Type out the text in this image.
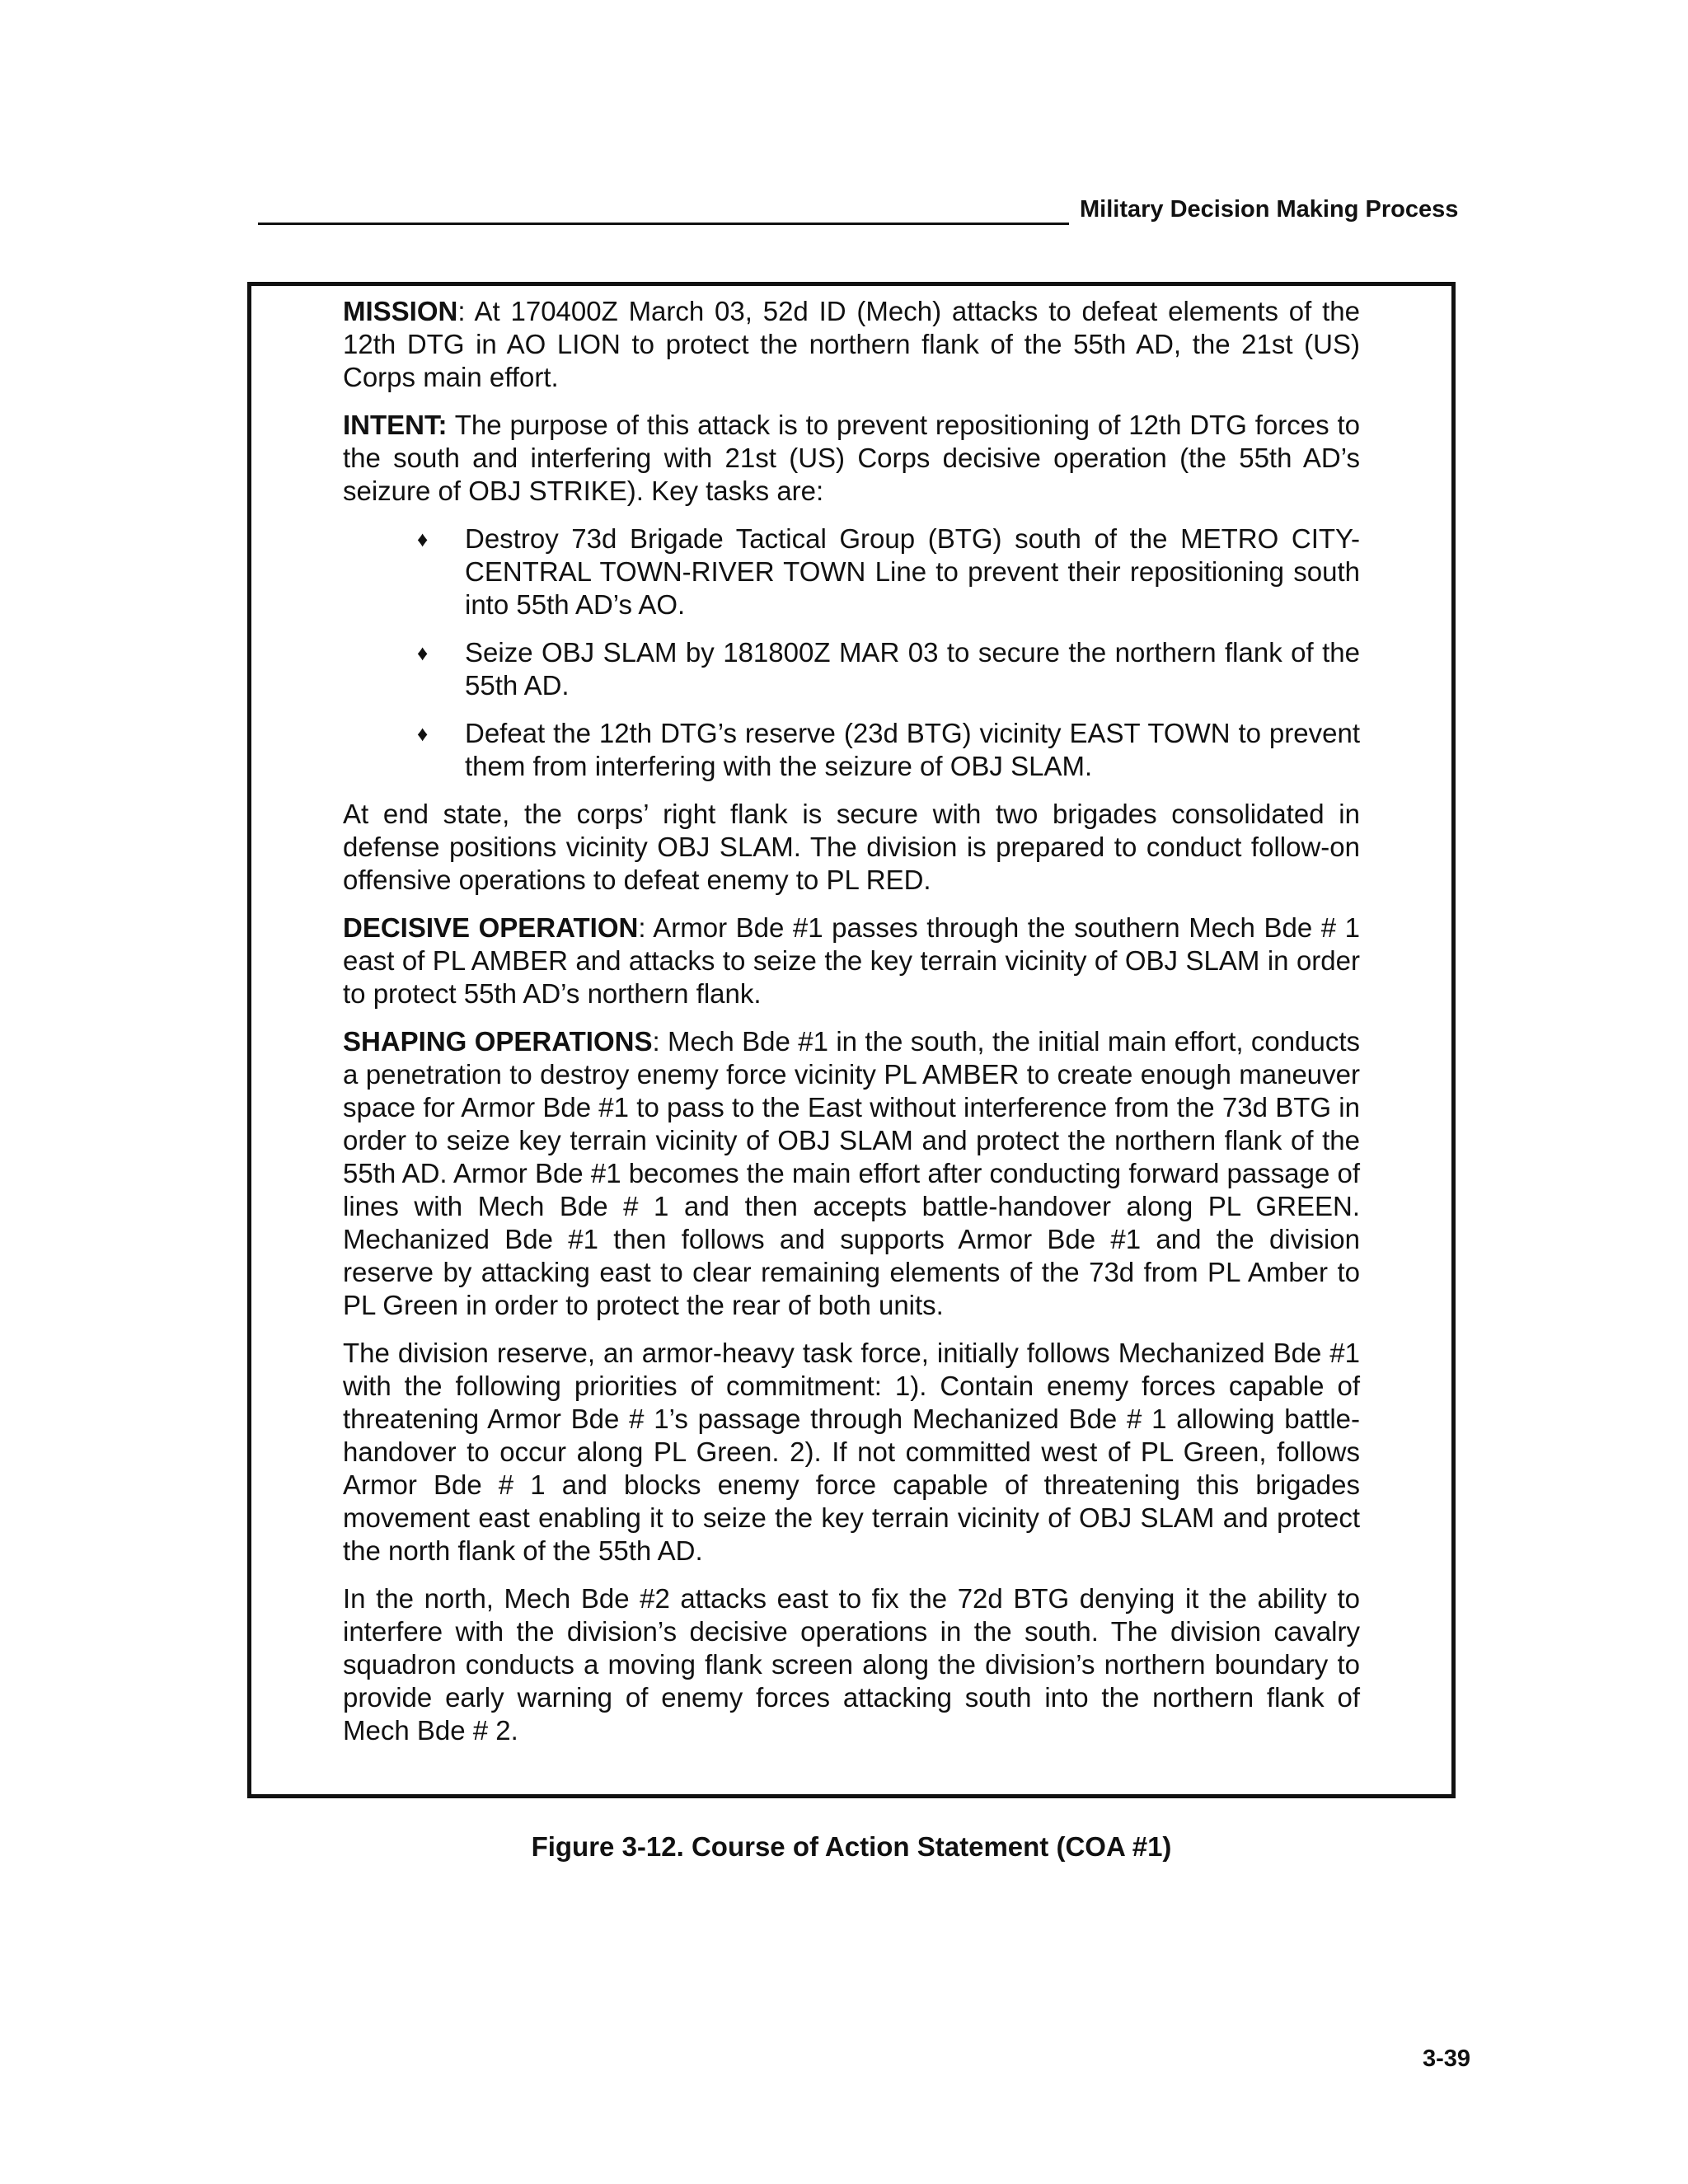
Military Decision Making Process

MISSION: At 170400Z March 03, 52d ID (Mech) attacks to defeat elements of the 12th DTG in AO LION to protect the northern flank of the 55th AD, the 21st (US) Corps main effort.

INTENT: The purpose of this attack is to prevent repositioning of 12th DTG forces to the south and interfering with 21st (US) Corps decisive operation (the 55th AD’s seizure of OBJ STRIKE). Key tasks are:

♦ Destroy 73d Brigade Tactical Group (BTG) south of the METRO CITY-CENTRAL TOWN-RIVER TOWN Line to prevent their repositioning south into 55th AD’s AO.
♦ Seize OBJ SLAM by 181800Z MAR 03 to secure the northern flank of the 55th AD.
♦ Defeat the 12th DTG’s reserve (23d BTG) vicinity EAST TOWN to prevent them from interfering with the seizure of OBJ SLAM.

At end state, the corps’ right flank is secure with two brigades consolidated in defense positions vicinity OBJ SLAM. The division is prepared to conduct follow-on offensive operations to defeat enemy to PL RED.

DECISIVE OPERATION: Armor Bde #1 passes through the southern Mech Bde # 1 east of PL AMBER and attacks to seize the key terrain vicinity of OBJ SLAM in order to protect 55th AD’s northern flank.

SHAPING OPERATIONS: Mech Bde #1 in the south, the initial main effort, conducts a penetration to destroy enemy force vicinity PL AMBER to create enough maneuver space for Armor Bde #1 to pass to the East without interference from the 73d BTG in order to seize key terrain vicinity of OBJ SLAM and protect the northern flank of the 55th AD. Armor Bde #1 becomes the main effort after conducting forward passage of lines with Mech Bde # 1 and then accepts battle-handover along PL GREEN. Mechanized Bde #1 then follows and supports Armor Bde #1 and the division reserve by attacking east to clear remaining elements of the 73d from PL Amber to PL Green in order to protect the rear of both units.

The division reserve, an armor-heavy task force, initially follows Mechanized Bde #1 with the following priorities of commitment: 1). Contain enemy forces capable of threatening Armor Bde # 1’s passage through Mechanized Bde # 1 allowing battle-handover to occur along PL Green. 2). If not committed west of PL Green, follows Armor Bde # 1 and blocks enemy force capable of threatening this brigades movement east enabling it to seize the key terrain vicinity of OBJ SLAM and protect the north flank of the 55th AD.

In the north, Mech Bde #2 attacks east to fix the 72d BTG denying it the ability to interfere with the division’s decisive operations in the south. The division cavalry squadron conducts a moving flank screen along the division’s northern boundary to provide early warning of enemy forces attacking south into the northern flank of Mech Bde # 2.

Figure 3-12. Course of Action Statement (COA #1)
3-39
